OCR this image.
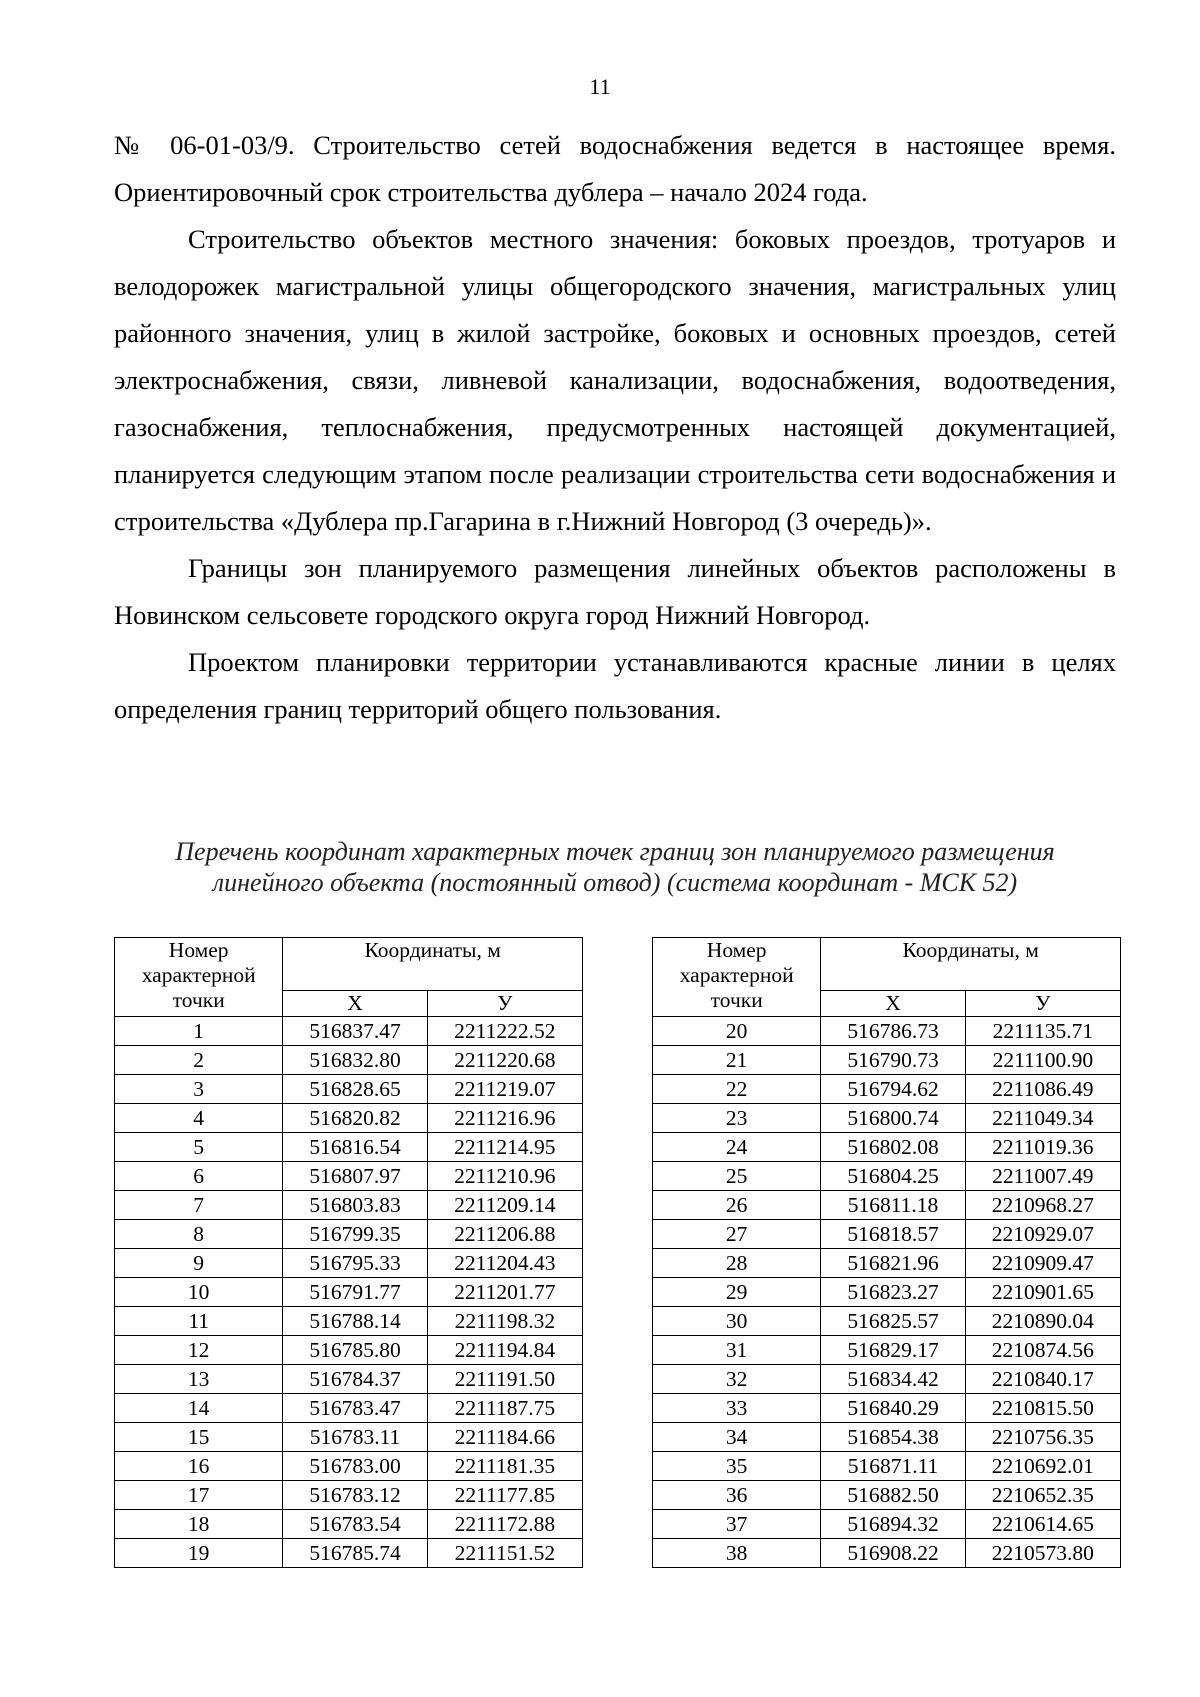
11

№ 06-01-03/9. Строительство сетей водоснабжения ведется в настоящее время. Ориентировочный срок строительства дублера – начало 2024 года.

Строительство объектов местного значения: боковых проездов, тротуаров и велодорожек магистральной улицы общегородского значения, магистральных улиц районного значения, улиц в жилой застройке, боковых и основных проездов, сетей электроснабжения, связи, ливневой канализации, водоснабжения, водоотведения, газоснабжения, теплоснабжения, предусмотренных настоящей документацией, планируется следующим этапом после реализации строительства сети водоснабжения и строительства «Дублера пр.Гагарина в г.Нижний Новгород (3 очередь)».

Границы зон планируемого размещения линейных объектов расположены в Новинском сельсовете городского округа город Нижний Новгород.

Проектом планировки территории устанавливаются красные линии в целях определения границ территорий общего пользования.

Перечень координат характерных точек границ зон планируемого размещения
линейного объекта (постоянный отвод) (система координат - МСК 52)
Номер характерной точки	Координаты, м	
	X	У
1	516837.47	2211222.52
2	516832.80	2211220.68
3	516828.65	2211219.07
4	516820.82	2211216.96
5	516816.54	2211214.95
6	516807.97	2211210.96
7	516803.83	2211209.14
8	516799.35	2211206.88
9	516795.33	2211204.43
10	516791.77	2211201.77
11	516788.14	2211198.32
12	516785.80	2211194.84
13	516784.37	2211191.50
14	516783.47	2211187.75
15	516783.11	2211184.66
16	516783.00	2211181.35
17	516783.12	2211177.85
18	516783.54	2211172.88
19	516785.74	2211151.52
Номер характерной точки	Координаты, м	
	X	У
20	516786.73	2211135.71
21	516790.73	2211100.90
22	516794.62	2211086.49
23	516800.74	2211049.34
24	516802.08	2211019.36
25	516804.25	2211007.49
26	516811.18	2210968.27
27	516818.57	2210929.07
28	516821.96	2210909.47
29	516823.27	2210901.65
30	516825.57	2210890.04
31	516829.17	2210874.56
32	516834.42	2210840.17
33	516840.29	2210815.50
34	516854.38	2210756.35
35	516871.11	2210692.01
36	516882.50	2210652.35
37	516894.32	2210614.65
38	516908.22	2210573.80
